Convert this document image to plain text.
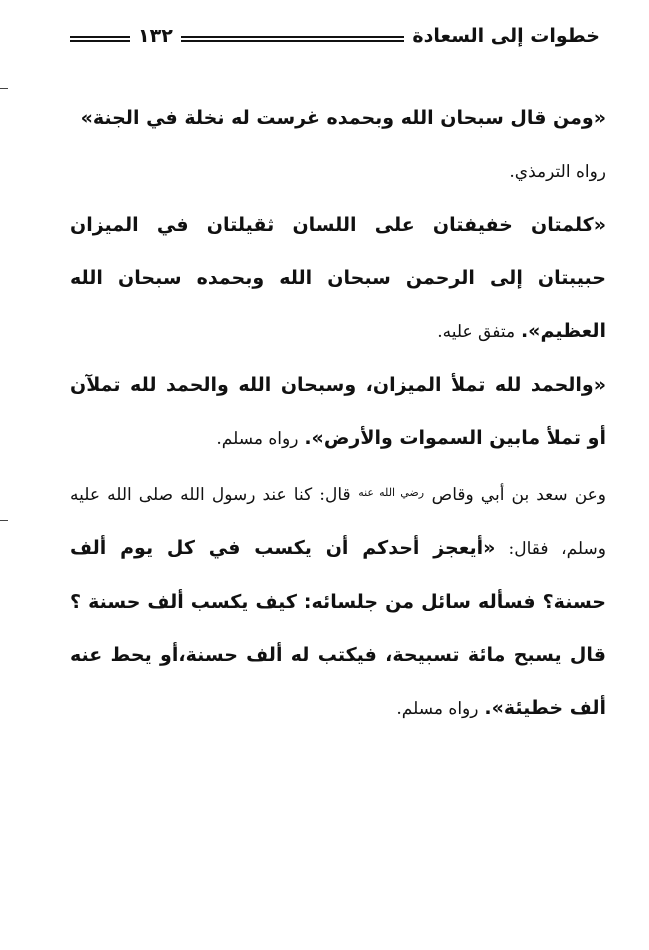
خطوات إلى السعادة
١٣٢

«ومن قال سبحان الله وبحمده غرست له نخلة في الجنة»
رواه الترمذي.

«كلمتان خفيفتان على اللسان ثقيلتان في الميزان حبيبتان إلى الرحمن سبحان الله وبحمده سبحان الله العظيم». متفق عليه.

«والحمد لله تملأ الميزان، وسبحان الله والحمد لله تملآن أو تملأ مابين السموات والأرض». رواه مسلم.

وعن سعد بن أبي وقاص $^{رضي الله عنه}$ قال: كنا عند رسول الله صلى الله عليه وسلم، فقال: «أيعجز أحدكم أن يكسب في كل يوم ألف حسنة؟ فسأله سائل من جلسائه: كيف يكسب ألف حسنة ؟ قال يسبح مائة تسبيحة، فيكتب له ألف حسنة،أو يحط عنه ألف خطيئة». رواه مسلم.
